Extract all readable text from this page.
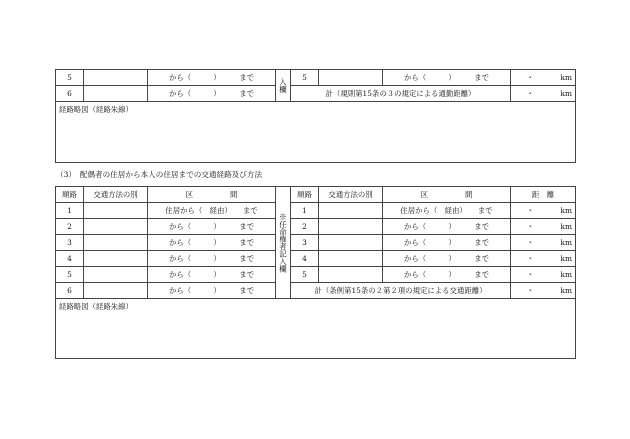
5		から（　　　）　　　まで	入欄	5		から（　　　）　　　まで	・ km
6		から（　　　）　　　まで		計（規則第15条の３の規定による通勤距離）			・ km
経路略図（経路朱線）							
（3）　配偶者の住居から本人の住居までの交通経路及び方法
順路	交通方法の別	区　　　　　間	※任命権者記入欄	順路	交通方法の別	区　　　　　間	距　離
1		住居から（　経由）　　まで		1		住居から（　経由）　　まで	・ km
2		から（　　　）　　　まで		2		から（　　　）　　　まで	・ km
3		から（　　　）　　　まで		3		から（　　　）　　　まで	・ km
4		から（　　　）　　　まで		4		から（　　　）　　　まで	・ km
5		から（　　　）　　　まで		5		から（　　　）　　　まで	・ km
6		から（　　　）　　　まで		計（条例第15条の２第２項の規定による交通距離）			・ km
経路略図（経路朱線）							
